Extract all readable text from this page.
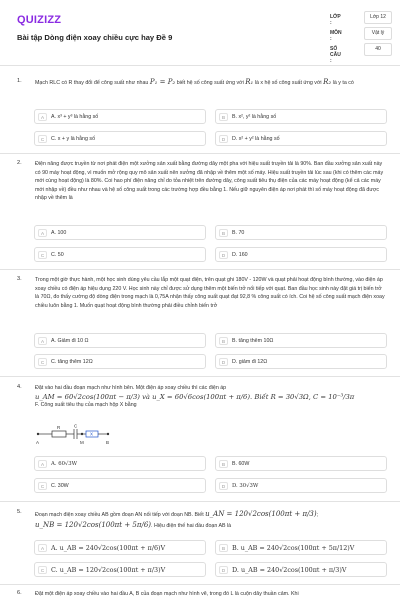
QUIZIZZ
Bài tập Dòng điện xoay chiều cực hay Đề 9
LỚP :
Lớp 12
MÔN :
Vật lý
SỐ CÂU :
40
1.	Mạch RLC có R thay đổi để công suất như nhau P₁ = P₂ biết hệ số công suất ứng với R₁ là x hệ số công suất ứng với R₂ là y ta có
A	A. x³ + y³ là hằng số	B	B. x², y² là hằng số
C	C. x + y là hằng số	D	D. x² + y² là hằng số
2.	Điện năng được truyền từ nơi phát điện một xưởng sản xuất bằng đường dây một pha với hiệu suất truyền tải là 90%. Ban đầu xưởng sản xuất này có 90 máy hoạt động, vì muốn mở rộng quy mô sản xuất nên xưởng đã nhập về thêm một số máy. Hiệu suất truyền tải lúc sau (khi có thêm các máy mới cùng hoạt động) là 80%. Coi hao phí điện năng chỉ do tỏa nhiệt trên đường dây, công suất tiêu thụ điện của các máy hoạt động (kể cả các máy mới nhập về) đều như nhau và hệ số công suất trong các trường hợp đều bằng 1. Nếu giữ nguyên điện áp nơi phát thì số máy hoạt động đã được nhập về thêm là
A	A. 100	B	B. 70
C	C. 50	D	D. 160
3.	Trong một giờ thực hành, một học sinh dùng yêu cầu lắp một quạt điện, trên quạt ghi 180V - 120W và quạt phải hoạt động bình thường, vào điện áp xoay chiều có điện áp hiệu dụng 220 V. Học sinh này chỉ được sử dụng thêm một biến trở nối tiếp với quạt. Ban đầu học sinh này đặt giá trị biến trở là 70Ω, đo thấy cường độ dòng điện trong mạch là 0,75A nhận thấy công suất quạt đạt 92,8 % công suất có ích. Coi hệ số công suất mạch điện xoay chiều luôn bằng 1. Muốn quạt hoạt động bình thường phải điều chỉnh biến trở
A	A. Giảm đi 10 Ω	B	B. tăng thêm 10Ω
C	C. tăng thêm 12Ω	D	D. giảm đi 12Ω
4.	Đặt vào hai đầu đoạn mạch như hình bên. Một điện áp xoay chiều thì các điện áp
u_AM = 60√2cos(100πt − π/3) và u_X = 60√6cos(100πt + π/6). Biết R = 30√3Ω, C = 10⁻³/3π
F. Công suất tiêu thụ của mạch hộp X bằng
A
R	C
M
X
B
A	A. 60√3W	B	B. 60W
C	C. 30W	D	D. 30√3W
5.	Đoạn mạch điện xoay chiều AB gồm đoạn AN nối tiếp với đoạn NB. Biết u_AN = 120√2cos(100πt + π/3);
u_NB = 120√2cos(100πt + 5π/6). Hiệu điện thế hai đầu đoạn AB là
A	A. u_AB = 240√2cos(100πt + π/6)V	B	B. u_AB = 240√2cos(100πt + 5π/12)V
C	C. u_AB = 120√2cos(100πt + π/3)V	D	D. u_AB = 240√2cos(100πt + π/3)V
6.	Đặt một điện áp xoay chiều vào hai đầu A, B của đoạn mạch như hình vẽ, trong đó L là cuộn dây thuần cảm. Khi
